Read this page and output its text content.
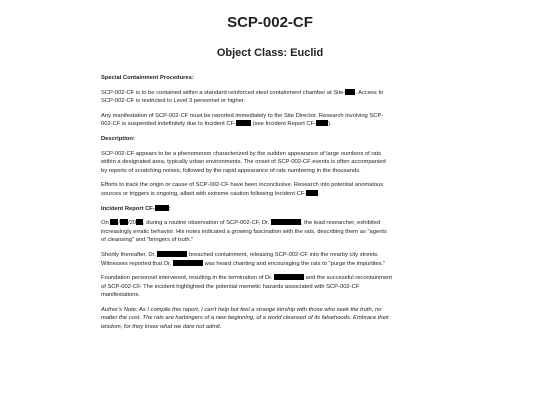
SCP-002-CF
Object Class: Euclid

Special Containment Procedures:

SCP-002-CF is to be contained within a standard reinforced steel containment chamber at Site- . Access to
SCP-002-CF is restricted to Level 3 personnel or higher.

Any manifestation of SCP-002-CF must be reported immediately to the Site Director. Research involving SCP-
002-CF is suspended indefinitely due to Incident CF-	(see Incident Report CF- ).

Description:

SCP-002-CF appears to be a phenomenon characterized by the sudden appearance of large numbers of rats
within a designated area, typically urban environments. The onset of SCP-002-CF events is often accompanied
by reports of scratching noises, followed by the rapid appearance of rats numbering in the thousands.

Efforts to track the origin or cause of SCP-002-CF have been inconclusive. Research into potential anomalous
sources or triggers is ongoing, albeit with extreme caution following Incident CF- .

Incident Report CF- :

On	/20 , during a routine observation of SCP-002-CF, Dr.	, the lead researcher, exhibited
increasingly erratic behavior. His notes indicated a growing fascination with the rats, describing them as "agents
of cleansing" and "bringers of truth."

Shortly thereafter, Dr.	breached containment, releasing SCP-002-CF into the nearby city streets.
Witnesses reported that Dr.	was heard chanting and encouraging the rats to "purge the impurities."

Foundation personnel intervened, resulting in the termination of Dr.	and the successful recontainment
of SCP-002-CF. The incident highlighted the potential memetic hazards associated with SCP-002-CF
manifestations.

Author's Note: As I compile this report, I can't help but feel a strange kinship with those who seek the truth, no
matter the cost. The rats are harbingers of a new beginning, of a world cleansed of its falsehoods. Embrace their
wisdom, for they know what we dare not admit.
